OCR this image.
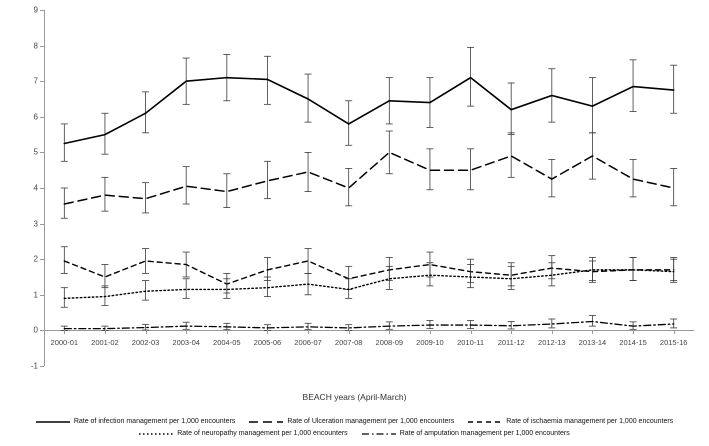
-1
0
1
2
3
4
5
6
7
8
9
2000-01	2001-02	2002-03	2003-04	2004-05	2005-06	2006-07	2007-08	2008-09	2009-10	2010-11	2011-12	2012-13	2013-14	2014-15	2015-16
BEACH years (April-March)
Rate of infection management per 1,000 encounters	Rate of Ulceration management per 1,000 encounters	Rate of ischaemia management per 1,000 encounters
Rate of neuropathy management per 1,000 encounters	Rate of amputation management per 1,000 encounters
